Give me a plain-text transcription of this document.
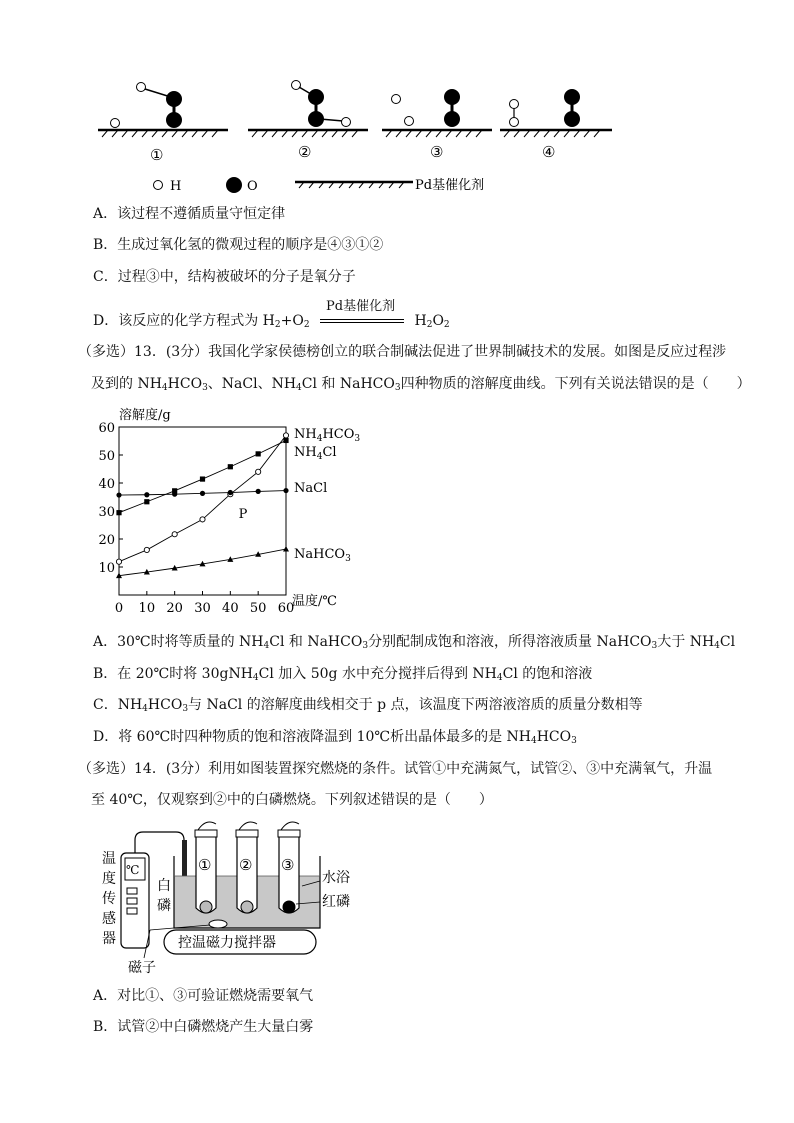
①	②	③	④
H	O	Pd基催化剂
A．该过程不遵循质量守恒定律
B．生成过氧化氢的微观过程的顺序是④③①②
C．过程③中，结构被破坏的分子是氧分子
D．该反应的化学方程式为 $H_2+O_2$
Pd基催化剂
$H_2O_2$
（多选）13．(3分）我国化学家侯德榜创立的联合制碱法促进了世界制碱技术的发展。如图是反应过程涉
及到的 $NH_4HCO_3$、NaCl、$NH_4Cl$ 和 NaHCO$_3$四种物质的溶解度曲线。下列有关说法错误的是（　　）
溶解度/g
10
20
30
40
50
60
0 10 20 30 40 50 60
温度/℃
NH4HCO3
NH4Cl
NaCl
NaHCO3
P
A．30℃时将等质量的 $NH_4Cl$ 和 NaHCO$_3$分别配制成饱和溶液，所得溶液质量 NaHCO$_3$大于 $NH_4Cl$
B．在 20℃时将 30gNH$_4$Cl 加入 50g 水中充分搅拌后得到 $NH_4Cl$ 的饱和溶液
C．$NH_4HCO_3$与 NaCl 的溶解度曲线相交于 p 点，该温度下两溶液溶质的质量分数相等
D．将 60℃时四种物质的饱和溶液降温到 10℃析出晶体最多的是 $NH_4HCO_3$
（多选）14．(3分）利用如图装置探究燃烧的条件。试管①中充满氮气，试管②、③中充满氧气，升温
至 40℃，仅观察到②中的白磷燃烧。下列叙述错误的是（　　）
温
度
传
感
器
℃
白
磷
① ② ③
水浴
红磷
磁子
控温磁力搅拌器
A．对比①、③可验证燃烧需要氧气
B．试管②中白磷燃烧产生大量白雾
